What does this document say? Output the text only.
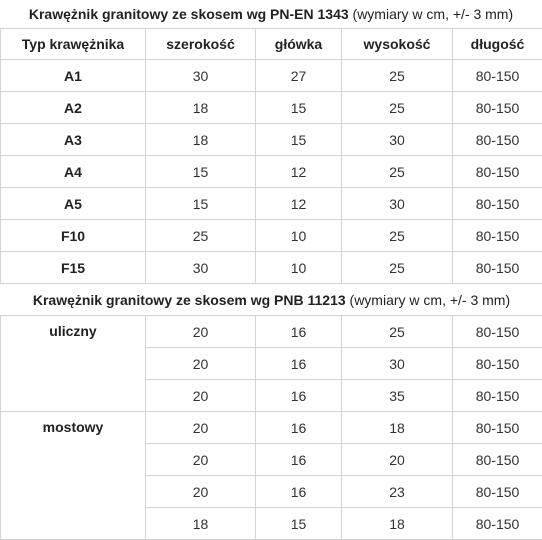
Krawężnik granitowy ze skosem wg PN-EN 1343 (wymiary w cm, +/- 3 mm)
Typ krawężnika	szerokość	główka	wysokość	długość
A1	30	27	25	80-150
A2	18	15	25	80-150
A3	18	15	30	80-150
A4	15	12	25	80-150
A5	15	12	30	80-150
F10	25	10	25	80-150
F15	30	10	25	80-150
Krawężnik granitowy ze skosem wg PNB 11213 (wymiary w cm, +/- 3 mm)				
uliczny	20	16	25	80-150
	20	16	30	80-150
	20	16	35	80-150
mostowy	20	16	18	80-150
	20	16	20	80-150
	20	16	23	80-150
	18	15	18	80-150
